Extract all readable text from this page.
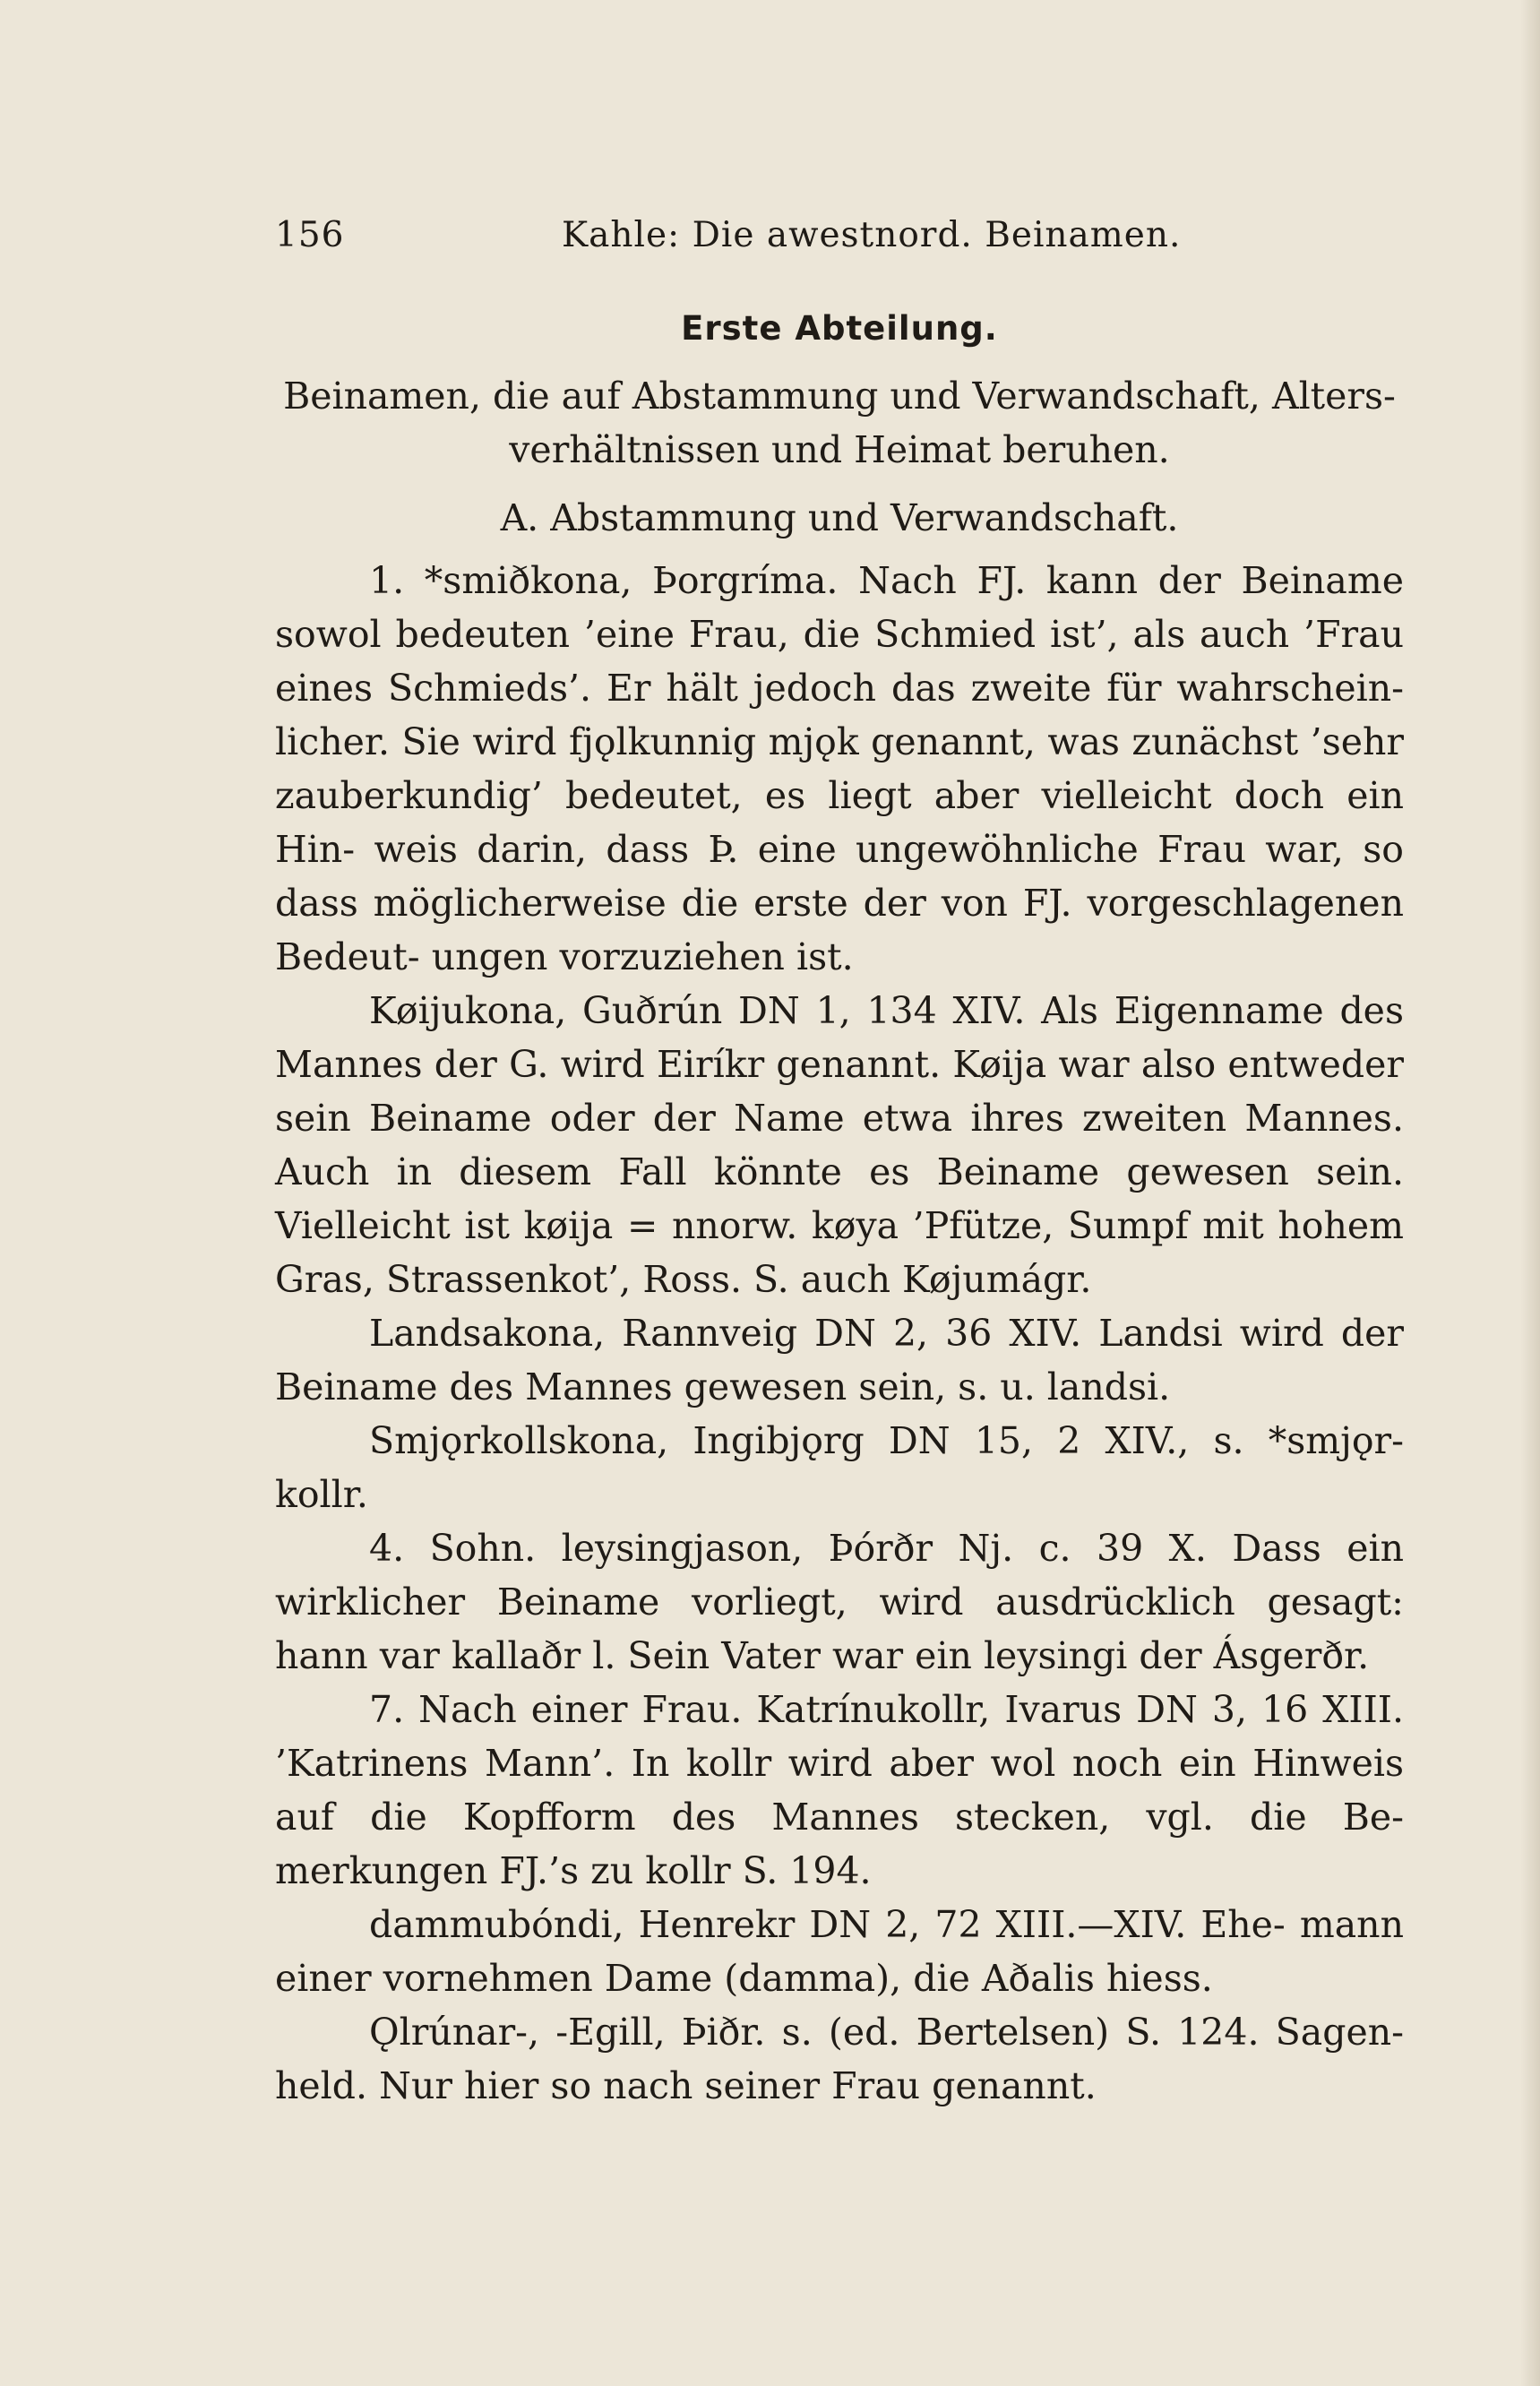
156	Kahle: Die awestnord. Beinamen.
Erste Abteilung.
Beinamen, die auf Abstammung und Verwandschaft, Alters-
verhältnissen und Heimat beruhen.
A. Abstammung und Verwandschaft.

1. *smiðkona, Þorgríma. Nach FJ. kann der Beiname sowol bedeuten ’eine Frau, die Schmied ist’, als auch ’Frau eines Schmieds’. Er hält jedoch das zweite für wahrschein- licher. Sie wird fjǫlkunnig mjǫk genannt, was zunächst ’sehr zauberkundig’ bedeutet, es liegt aber vielleicht doch ein Hin- weis darin, dass Þ. eine ungewöhnliche Frau war, so dass möglicherweise die erste der von FJ. vorgeschlagenen Bedeut- ungen vorzuziehen ist.

Køijukona, Guðrún DN 1, 134 XIV. Als Eigenname des Mannes der G. wird Eiríkr genannt. Køija war also entweder sein Beiname oder der Name etwa ihres zweiten Mannes. Auch in diesem Fall könnte es Beiname gewesen sein. Vielleicht ist køija = nnorw. køya ’Pfütze, Sumpf mit hohem Gras, Strassenkot’, Ross. S. auch Køjumágr.

Landsakona, Rannveig DN 2, 36 XIV. Landsi wird der Beiname des Mannes gewesen sein, s. u. landsi.

Smjǫrkollskona, Ingibjǫrg DN 15, 2 XIV., s. *smjǫr- kollr.

4. Sohn. leysingjason, Þórðr Nj. c. 39 X. Dass ein wirklicher Beiname vorliegt, wird ausdrücklich gesagt: hann var kallaðr l. Sein Vater war ein leysingi der Ásgerðr.

7. Nach einer Frau. Katrínukollr, Ivarus DN 3, 16 XIII. ’Katrinens Mann’. In kollr wird aber wol noch ein Hinweis auf die Kopfform des Mannes stecken, vgl. die Be- merkungen FJ.’s zu kollr S. 194.

dammubóndi, Henrekr DN 2, 72 XIII.—XIV. Ehe- mann einer vornehmen Dame (damma), die Aðalis hiess.

Ǫlrúnar-, -Egill, Þiðr. s. (ed. Bertelsen) S. 124. Sagen- held. Nur hier so nach seiner Frau genannt.
